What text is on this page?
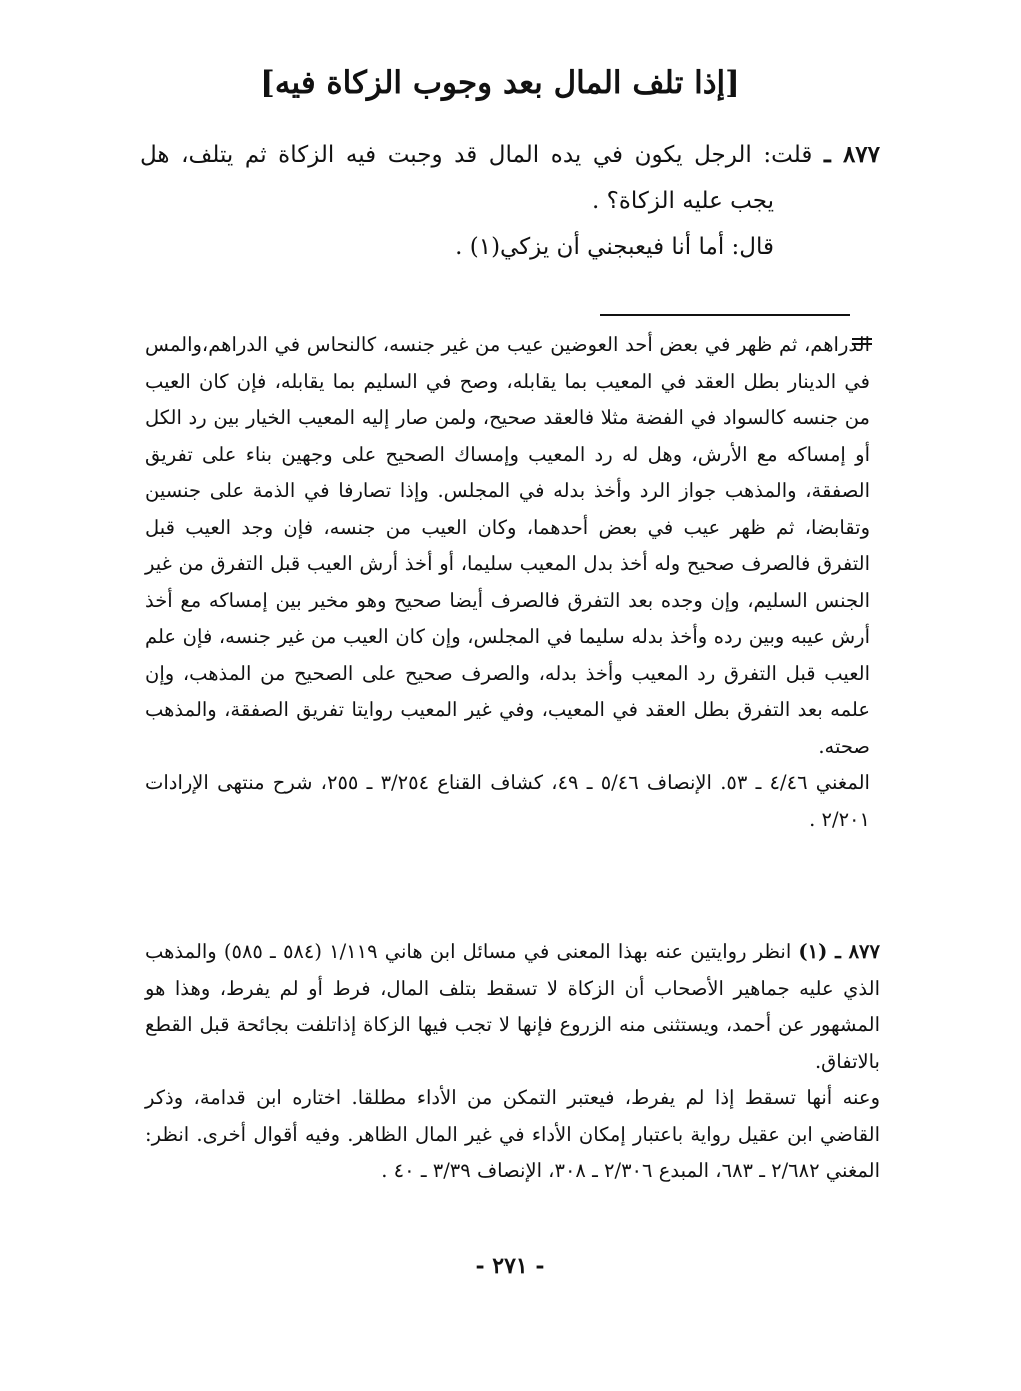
[إذا تلف المال بعد وجوب الزكاة فيه]
٨٧٧ ـ قلت: الرجل يكون في يده المال قد وجبت فيه الزكاة ثم يتلف، هل
يجب عليه الزكاة؟ .
قال: أما أنا فيعبجني أن يزكي(١) .

الدراهم، ثم ظهر في بعض أحد العوضين عيب من غير جنسه، كالنحاس في الدراهم،والمس في الدينار بطل العقد في المعيب بما يقابله، وصح في السليم بما يقابله، فإن كان العيب من جنسه كالسواد في الفضة مثلا فالعقد صحيح، ولمن صار إليه المعيب الخيار بين رد الكل أو إمساكه مع الأرش، وهل له رد المعيب وإمساك الصحيح على وجهين بناء على تفريق الصفقة، والمذهب جواز الرد وأخذ بدله في المجلس. وإذا تصارفا في الذمة على جنسين وتقابضا، ثم ظهر عيب في بعض أحدهما، وكان العيب من جنسه، فإن وجد العيب قبل التفرق فالصرف صحيح وله أخذ بدل المعيب سليما، أو أخذ أرش العيب قبل التفرق من غير الجنس السليم، وإن وجده بعد التفرق فالصرف أيضا صحيح وهو مخير بين إمساكه مع أخذ أرش عيبه وبين رده وأخذ بدله سليما في المجلس، وإن كان العيب من غير جنسه، فإن علم العيب قبل التفرق رد المعيب وأخذ بدله، والصرف صحيح على الصحيح من المذهب، وإن علمه بعد التفرق بطل العقد في المعيب، وفي غير المعيب روايتا تفريق الصفقة، والمذهب صحته.

المغني ٤/٤٦ ـ ٥٣. الإنصاف ٥/٤٦ ـ ٤٩، كشاف القناع ٣/٢٥٤ ـ ٢٥٥، شرح منتهى الإرادات ٢/٢٠١ .

٨٧٧ ـ (١) انظر روايتين عنه بهذا المعنى في مسائل ابن هاني ١/١١٩ (٥٨٤ ـ ٥٨٥) والمذهب الذي عليه جماهير الأصحاب أن الزكاة لا تسقط بتلف المال، فرط أو لم يفرط، وهذا هو المشهور عن أحمد، ويستثنى منه الزروع فإنها لا تجب فيها الزكاة إذاتلفت بجائحة قبل القطع بالاتفاق.

وعنه أنها تسقط إذا لم يفرط، فيعتبر التمكن من الأداء مطلقا. اختاره ابن قدامة، وذكر القاضي ابن عقيل رواية باعتبار إمكان الأداء في غير المال الظاهر. وفيه أقوال أخرى. انظر: المغني ٢/٦٨٢ ـ ٦٨٣، المبدع ٢/٣٠٦ ـ ٣٠٨، الإنصاف ٣/٣٩ ـ ٤٠ .

- ٢٧١ -
